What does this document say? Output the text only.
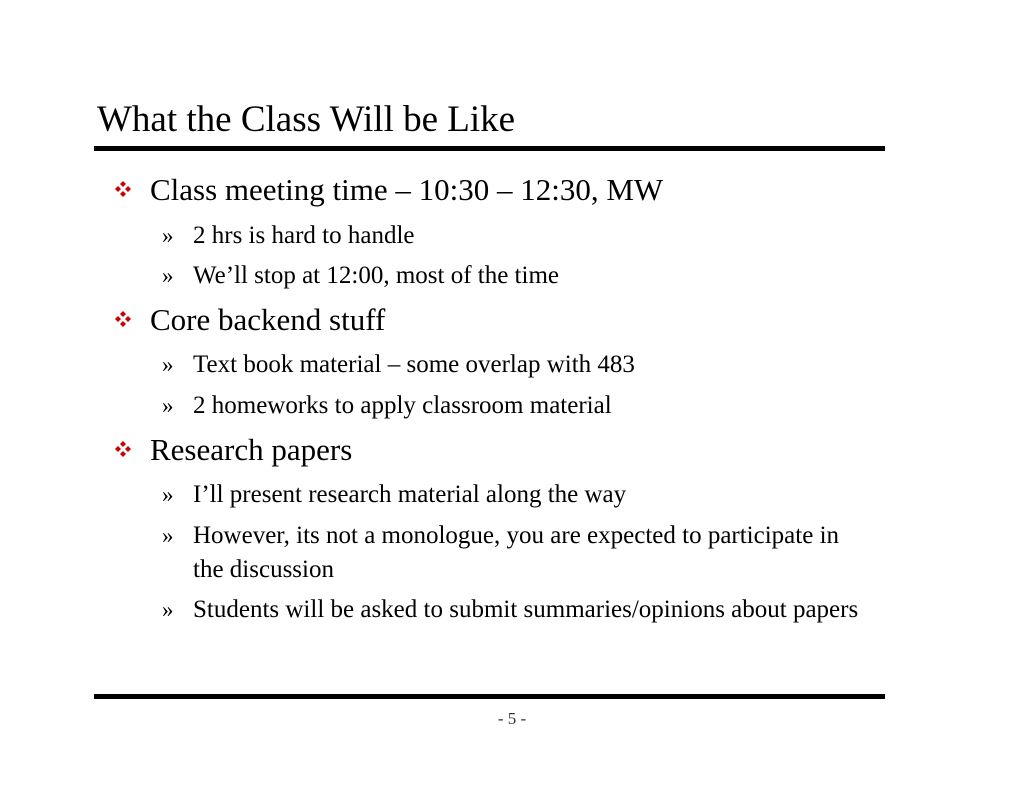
What the Class Will be Like
Class meeting time – 10:30 – 12:30, MW
» 2 hrs is hard to handle
» We’ll stop at 12:00, most of the time
Core backend stuff
» Text book material – some overlap with 483
» 2 homeworks to apply classroom material
Research papers
» I’ll present research material along the way
» However, its not a monologue, you are expected to participate in the discussion
» Students will be asked to submit summaries/opinions about papers

- 5 -
